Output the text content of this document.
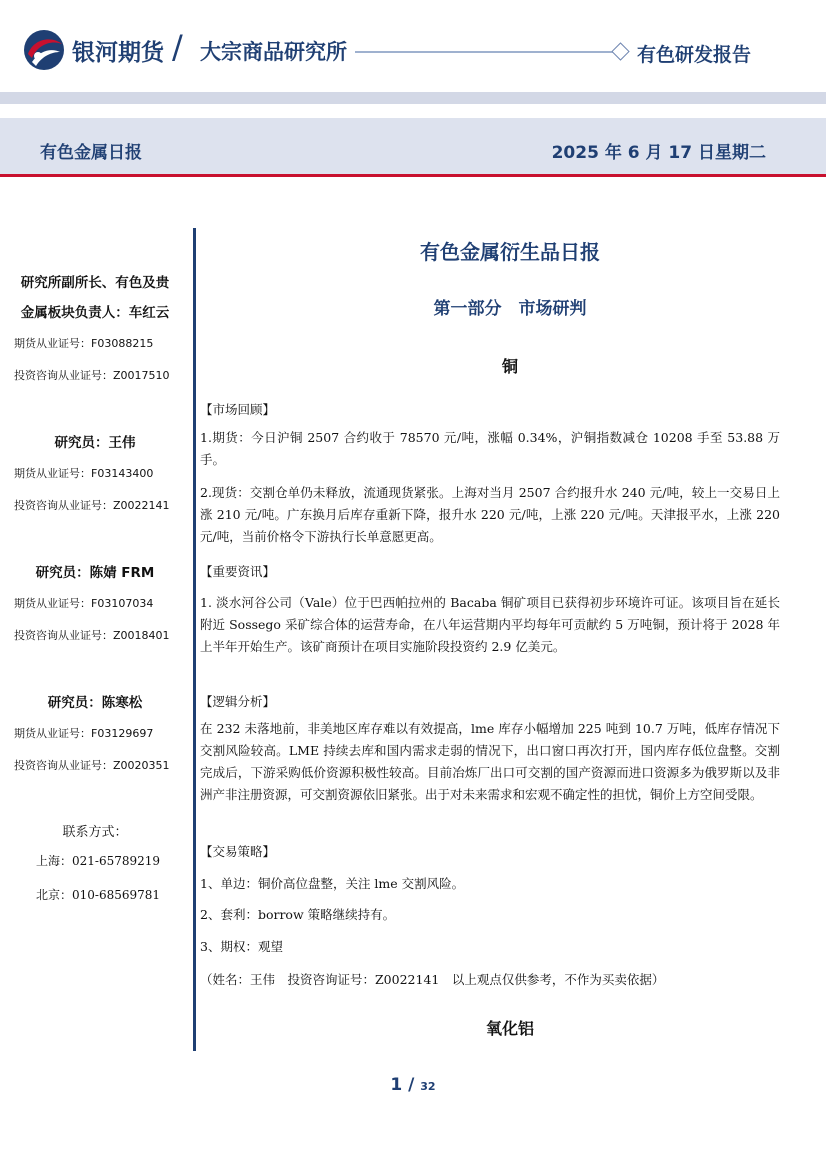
银河期货 / 大宗商品研究所	有色研发报告
有色金属日报	2025 年 6 月 17 日星期二
研究所副所长、有色及贵
金属板块负责人：车红云
期货从业证号：F03088215
投资咨询从业证号：Z0017510
研究员：王伟
期货从业证号：F03143400
投资咨询从业证号：Z0022141
研究员：陈婧 FRM
期货从业证号：F03107034
投资咨询从业证号：Z0018401
研究员：陈寒松
期货从业证号：F03129697
投资咨询从业证号：Z0020351
联系方式：
上海：021-65789219
北京：010-68569781
有色金属衍生品日报
第一部分　市场研判
铜
【市场回顾】
1.期货：今日沪铜 2507 合约收于 78570 元/吨，涨幅 0.34%，沪铜指数减仓 10208 手至 53.88 万手。
2.现货：交割仓单仍未释放，流通现货紧张。上海对当月 2507 合约报升水 240 元/吨，较上一交易日上涨 210 元/吨。广东换月后库存重新下降，报升水 220 元/吨，上涨 220 元/吨。天津报平水，上涨 220 元/吨，当前价格令下游执行长单意愿更高。
【重要资讯】
1. 淡水河谷公司（Vale）位于巴西帕拉州的 Bacaba 铜矿项目已获得初步环境许可证。该项目旨在延长附近 Sossego 采矿综合体的运营寿命，在八年运营期内平均每年可贡献约 5 万吨铜，预计将于 2028 年上半年开始生产。该矿商预计在项目实施阶段投资约 2.9 亿美元。
【逻辑分析】
在 232 未落地前，非美地区库存难以有效提高，lme 库存小幅增加 225 吨到 10.7 万吨，低库存情况下交割风险较高。LME 持续去库和国内需求走弱的情况下，出口窗口再次打开，国内库存低位盘整。交割完成后，下游采购低价资源积极性较高。目前冶炼厂出口可交割的国产资源而进口资源多为俄罗斯以及非洲产非注册资源，可交割资源依旧紧张。出于对未来需求和宏观不确定性的担忧，铜价上方空间受限。
【交易策略】
1、单边：铜价高位盘整，关注 lme 交割风险。
2、套利：borrow 策略继续持有。
3、期权：观望
（姓名：王伟　投资咨询证号：Z0022141　以上观点仅供参考，不作为买卖依据）
氧化铝
1 / 32
